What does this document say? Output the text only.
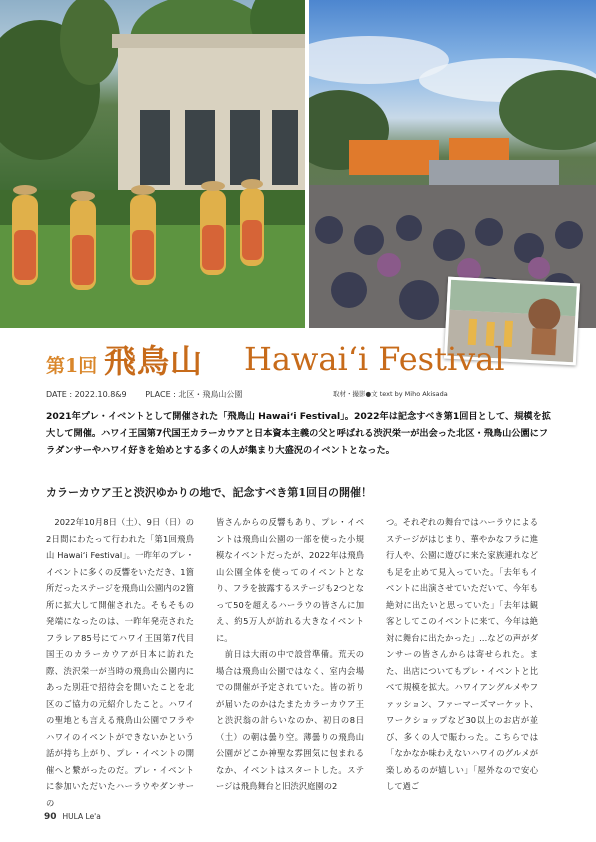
第1回 飛鳥山 Hawaiʻi Festival
DATE : 2022.10.8&9 PLACE : 北区・飛鳥山公園	取材・撮影●文 text by Miho Akisada
2021年プレ・イベントとして開催された「飛鳥山 Hawaiʻi Festival」。2022年は記念すべき第1回目として、規模を拡大して開催。ハワイ王国第7代国王カラーカウアと日本資本主義の父と呼ばれる渋沢栄一が出会った北区・飛鳥山公園にフラダンサーやハワイ好きを始めとする多くの人が集まり大盛況のイベントとなった。
カラーカウア王と渋沢ゆかりの地で、記念すべき第1回目の開催！
　2022年10月8日（土）、9日（日）の2日間にわたって行われた「第1回飛鳥山 Hawaiʻi Festival」。一昨年のプレ・イベントに多くの反響をいただき、1箇所だったステージを飛鳥山公園内の2箇所に拡大して開催された。そもそもの発端になったのは、一昨年発売されたフラレア85号にてハワイ王国第7代目国王のカラーカウアが日本に訪れた際、渋沢栄一が当時の飛鳥山公園内にあった別荘で招待会を開いたことを北区のご協力の元紹介したこと。ハワイの聖地とも言える飛鳥山公園でフラやハワイのイベントができないかという話が持ち上がり、プレ・イベントの開催へと繋がったのだ。プレ・イベントに参加いただいたハーラウやダンサーの
皆さんからの反響もあり、プレ・イベントは飛鳥山公園の一部を使った小規模なイベントだったが、2022年は飛鳥山公園全体を使ってのイベントとなり、フラを披露するステージも2つとなって50を超えるハーラウの皆さんに加え、約5万人が訪れる大きなイベントに。
　前日は大雨の中で設営準備。荒天の場合は飛鳥山公園ではなく、室内会場での開催が予定されていた。皆の祈りが届いたのかはたまたカラーカウア王と渋沢翁の計らいなのか、初日の8日（土）の朝は曇り空。薄曇りの飛鳥山公園がどこか神聖な雰囲気に包まれるなか、イベントはスタートした。ステージは飛鳥舞台と旧渋沢庭園の2
つ。それぞれの舞台ではハーラウによるステージがはじまり、華やかなフラに進行人や、公園に遊びに来た家族連れなども足を止めて見入っていた。「去年もイベントに出演させていただいて、今年も絶対に出たいと思っていた」「去年は観客としてこのイベントに来て、今年は絶対に舞台に出たかった」…などの声がダンサーの皆さんからは寄せられた。また、出店についてもプレ・イベントと比べて規模を拡大。ハワイアングルメやファッション、ファーマーズマーケット、ワークショップなど30以上のお店が並び、多くの人で賑わった。こちらでは「なかなか味わえないハワイのグルメが楽しめるのが嬉しい」「屋外なので安心して過ご
90 HULA Le'a
